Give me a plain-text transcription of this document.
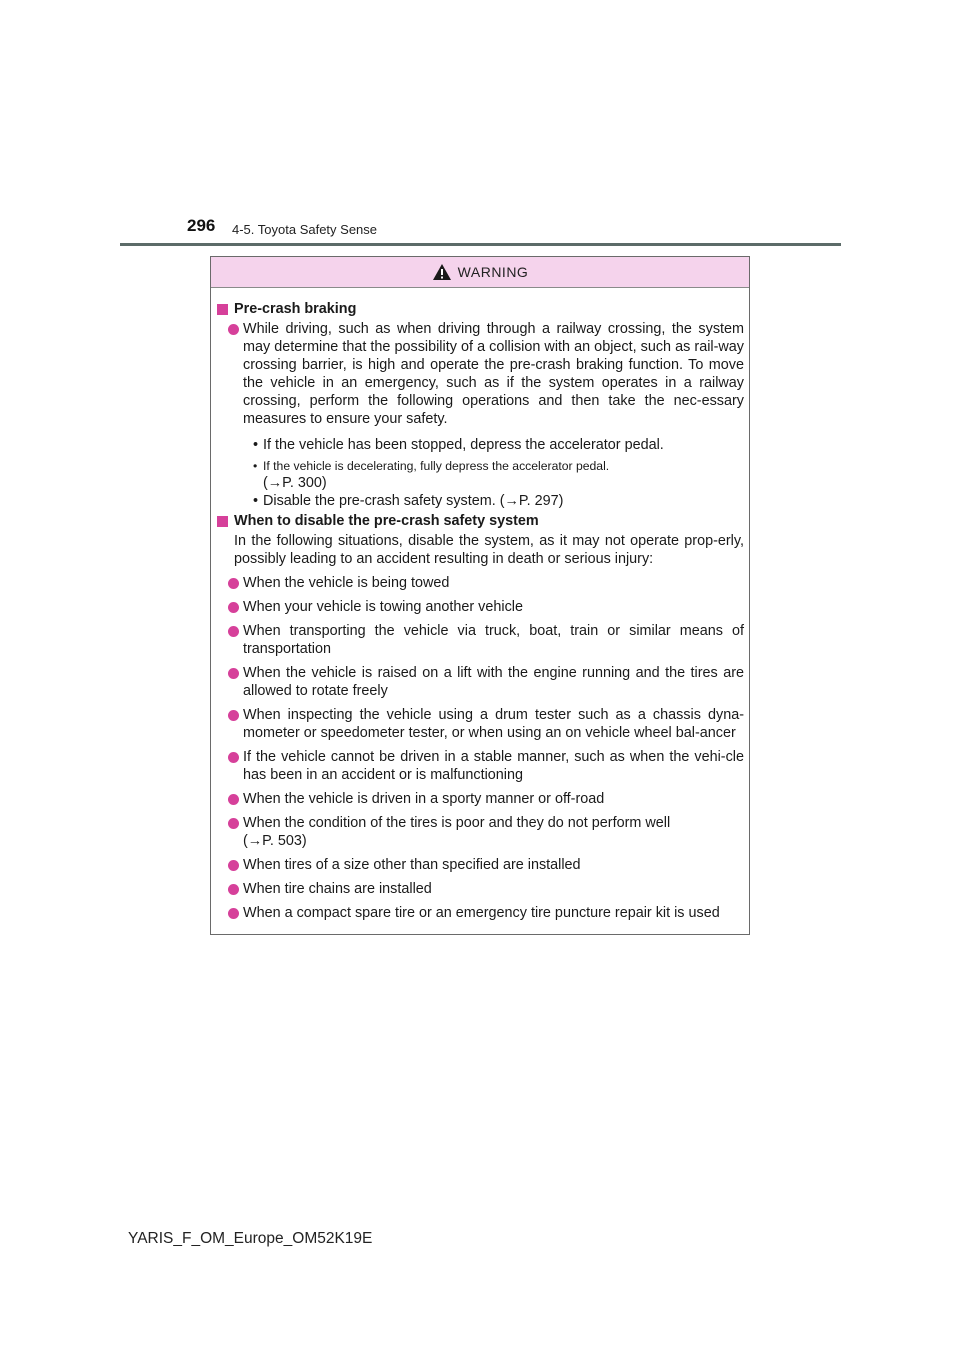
296 4-5. Toyota Safety Sense
WARNING
Pre-crash braking
While driving, such as when driving through a railway crossing, the system may determine that the possibility of a collision with an object, such as rail-way crossing barrier, is high and operate the pre-crash braking function. To move the vehicle in an emergency, such as if the system operates in a railway crossing, perform the following operations and then take the nec-essary measures to ensure your safety.
• If the vehicle has been stopped, depress the accelerator pedal.
• If the vehicle is decelerating, fully depress the accelerator pedal.
(→P. 300)
• Disable the pre-crash safety system. (→P. 297)
When to disable the pre-crash safety system
In the following situations, disable the system, as it may not operate prop-erly, possibly leading to an accident resulting in death or serious injury:
When the vehicle is being towed
When your vehicle is towing another vehicle
When transporting the vehicle via truck, boat, train or similar means of transportation
When the vehicle is raised on a lift with the engine running and the tires are allowed to rotate freely
When inspecting the vehicle using a drum tester such as a chassis dyna-mometer or speedometer tester, or when using an on vehicle wheel bal-ancer
If the vehicle cannot be driven in a stable manner, such as when the vehi-cle has been in an accident or is malfunctioning
When the vehicle is driven in a sporty manner or off-road
When the condition of the tires is poor and they do not perform well
(→P. 503)
When tires of a size other than specified are installed
When tire chains are installed
When a compact spare tire or an emergency tire puncture repair kit is used
YARIS_F_OM_Europe_OM52K19E
